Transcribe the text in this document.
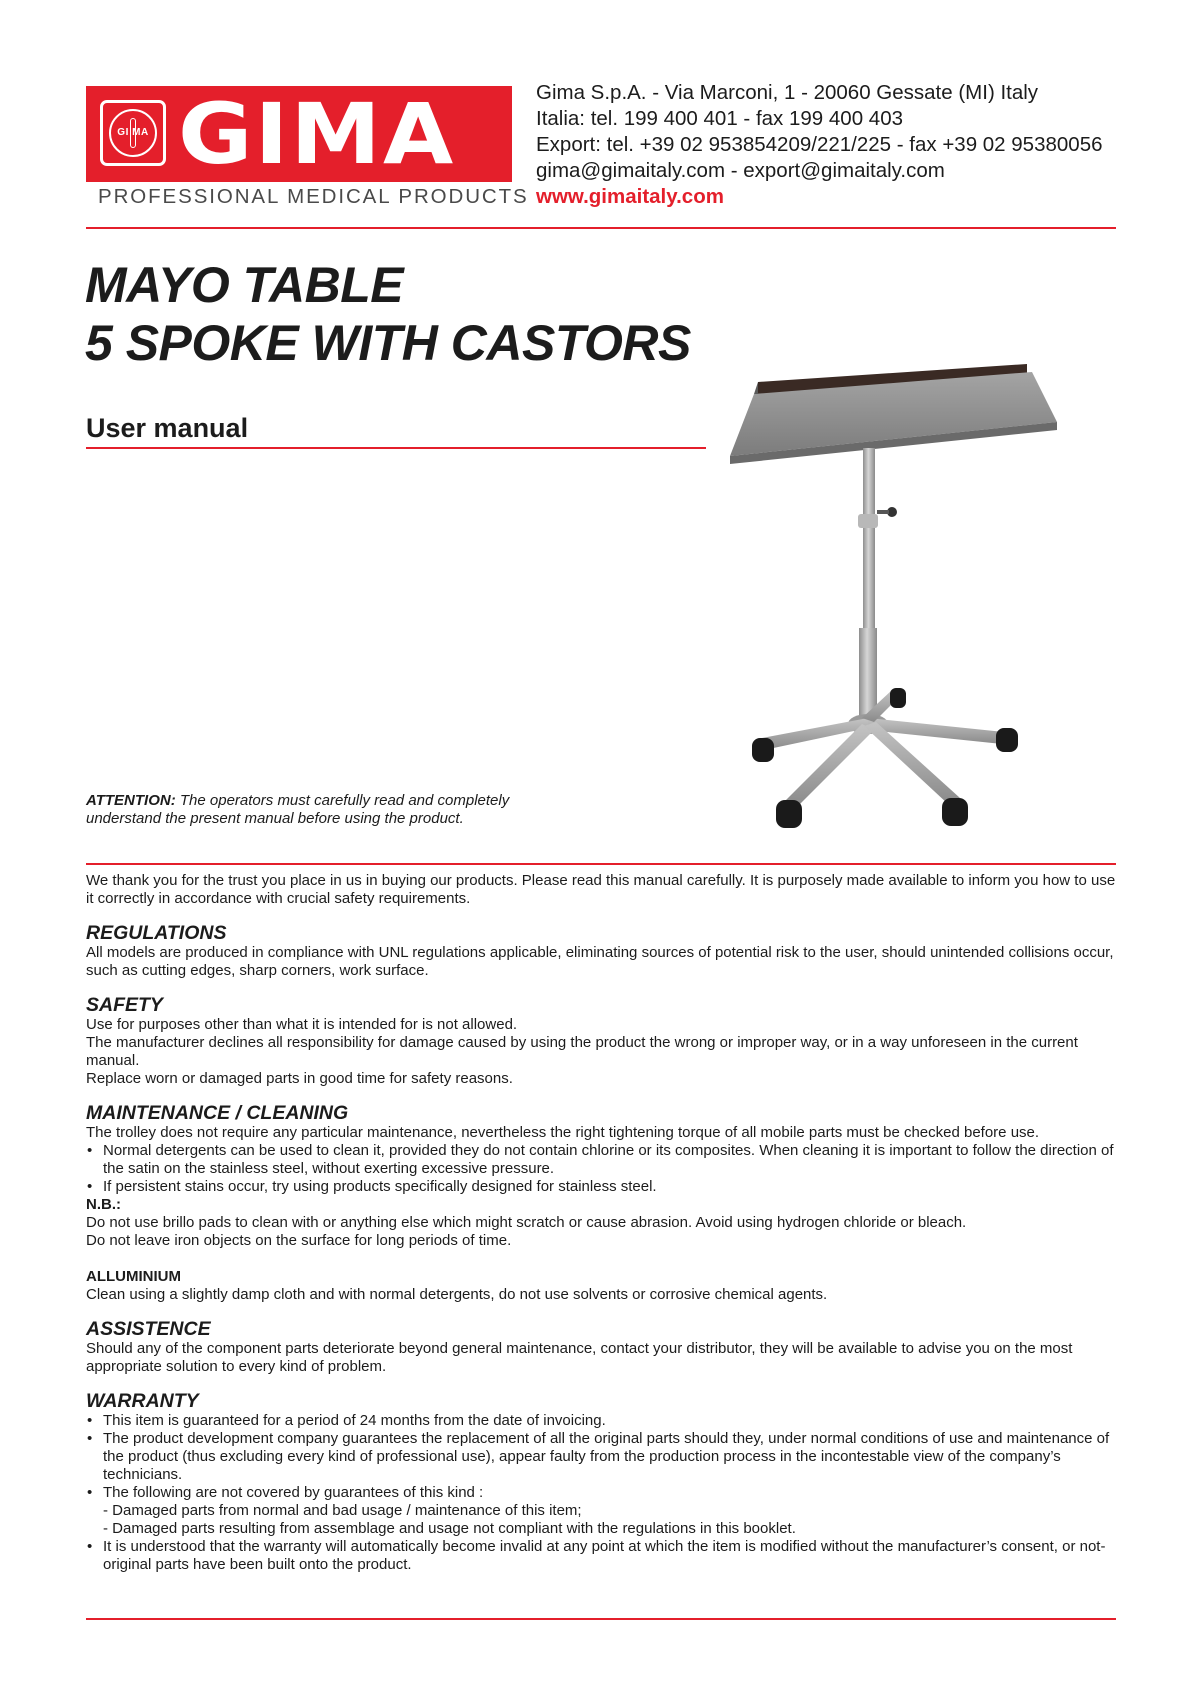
GI MA GIMA
PROFESSIONAL MEDICAL PRODUCTS
Gima S.p.A. - Via Marconi, 1 - 20060 Gessate (MI) Italy
Italia: tel. 199 400 401 - fax 199 400 403
Export: tel. +39 02 953854209/221/225 - fax +39 02 95380056
gima@gimaitaly.com - export@gimaitaly.com
www.gimaitaly.com
MAYO TABLE
5 SPOKE WITH CASTORS
User manual
ATTENTION: The operators must carefully read and completely understand the present manual before using the product.

We thank you for the trust you place in us in buying our products. Please read this manual carefully. It is purposely made available to inform you how to use it correctly in accordance with crucial safety requirements.

REGULATIONS

All models are produced in compliance with UNL regulations applicable, eliminating sources of potential risk to the user, should unintended collisions occur, such as cutting edges, sharp corners, work surface.

SAFETY

Use for purposes other than what it is intended for is not allowed.

The manufacturer declines all responsibility for damage caused by using the product the wrong or improper way, or in a way unforeseen in the current manual.

Replace worn or damaged parts in good time for safety reasons.

MAINTENANCE / CLEANING

The trolley does not require any particular maintenance, nevertheless the right tightening torque of all mobile parts must be checked before use.

• Normal detergents can be used to clean it, provided they do not contain chlorine or its composites. When cleaning it is important to follow the direction of the satin on the stainless steel, without exerting excessive pressure.
• If persistent stains occur, try using products specifically designed for stainless steel.
N.B.:

Do not use brillo pads to clean with or anything else which might scratch or cause abrasion. Avoid using hydrogen chloride or bleach.

Do not leave iron objects on the surface for long periods of time.

ALLUMINIUM

Clean using a slightly damp cloth and with normal detergents, do not use solvents or corrosive chemical agents.

ASSISTENCE

Should any of the component parts deteriorate beyond general maintenance, contact your distributor, they will be available to advise you on the most appropriate solution to every kind of problem.

WARRANTY
• This item is guaranteed for a period of 24 months from the date of invoicing.
• The product development company guarantees the replacement of all the original parts should they, under normal conditions of use and maintenance of the product (thus excluding every kind of professional use), appear faulty from the production process in the incontestable view of the company’s technicians.
• The following are not covered by guarantees of this kind :
- Damaged parts from normal and bad usage / maintenance of this item;
- Damaged parts resulting from assemblage and usage not compliant with the regulations in this booklet.
• It is understood that the warranty will automatically become invalid at any point at which the item is modified without the manufacturer’s consent, or not-original parts have been built onto the product.
